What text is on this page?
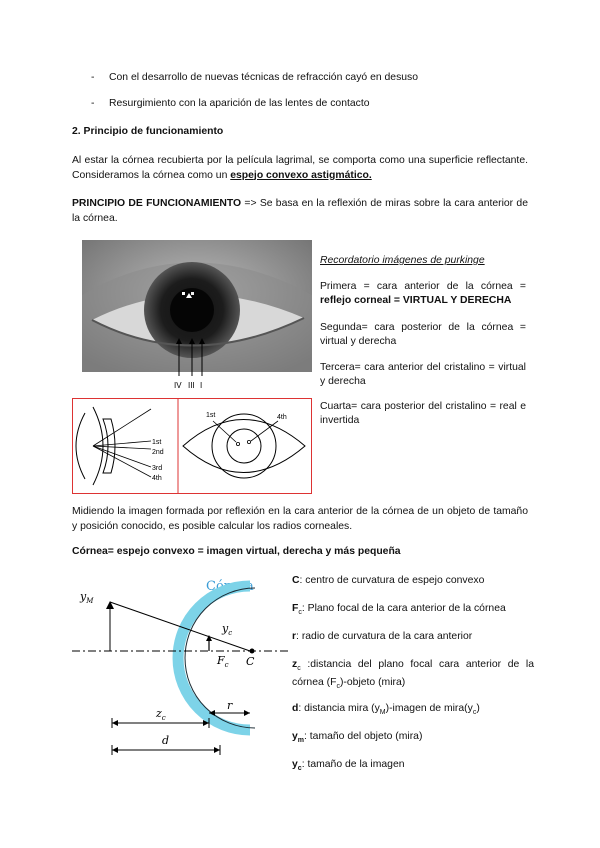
- Con el desarrollo de nuevas técnicas de refracción cayó en desuso
- Resurgimiento con la aparición de las lentes de contacto
2. Principio de funcionamiento

Al estar la córnea recubierta por la película lagrimal, se comporta como una superficie reflectante. Consideramos la córnea como un espejo convexo astigmático.

PRINCIPIO DE FUNCIONAMIENTO => Se basa en la reflexión de miras sobre la cara anterior de la córnea.

IV III I
1st
2nd
3rd
4th
1st	4th
Recordatorio imágenes de purkinge
Primera = cara anterior de la córnea = reflejo corneal = VIRTUAL Y DERECHA
Segunda= cara posterior de la córnea = virtual y derecha
Tercera= cara anterior del cristalino = virtual y derecha
Cuarta= cara posterior del cristalino = real e invertida

Midiendo la imagen formada por reflexión en la cara anterior de la córnea de un objeto de tamaño y posición conocido, es posible calcular los radios corneales.

Córnea= espejo convexo = imagen virtual, derecha y más pequeña
Córnea
$y_M$
$y_c$
$F_c$ C
$z_c$
r
d
C: centro de curvatura de espejo convexo
$F_c$: Plano focal de la cara anterior de la córnea
r: radio de curvatura de la cara anterior
$z_c$ :distancia del plano focal cara anterior de la córnea $(F_c)$-objeto (mira)
d: distancia mira $(y_M)$-imagen de $mira(y_c)$
$y_m$: tamaño del objeto (mira)
$y_c$: tamaño de la imagen
